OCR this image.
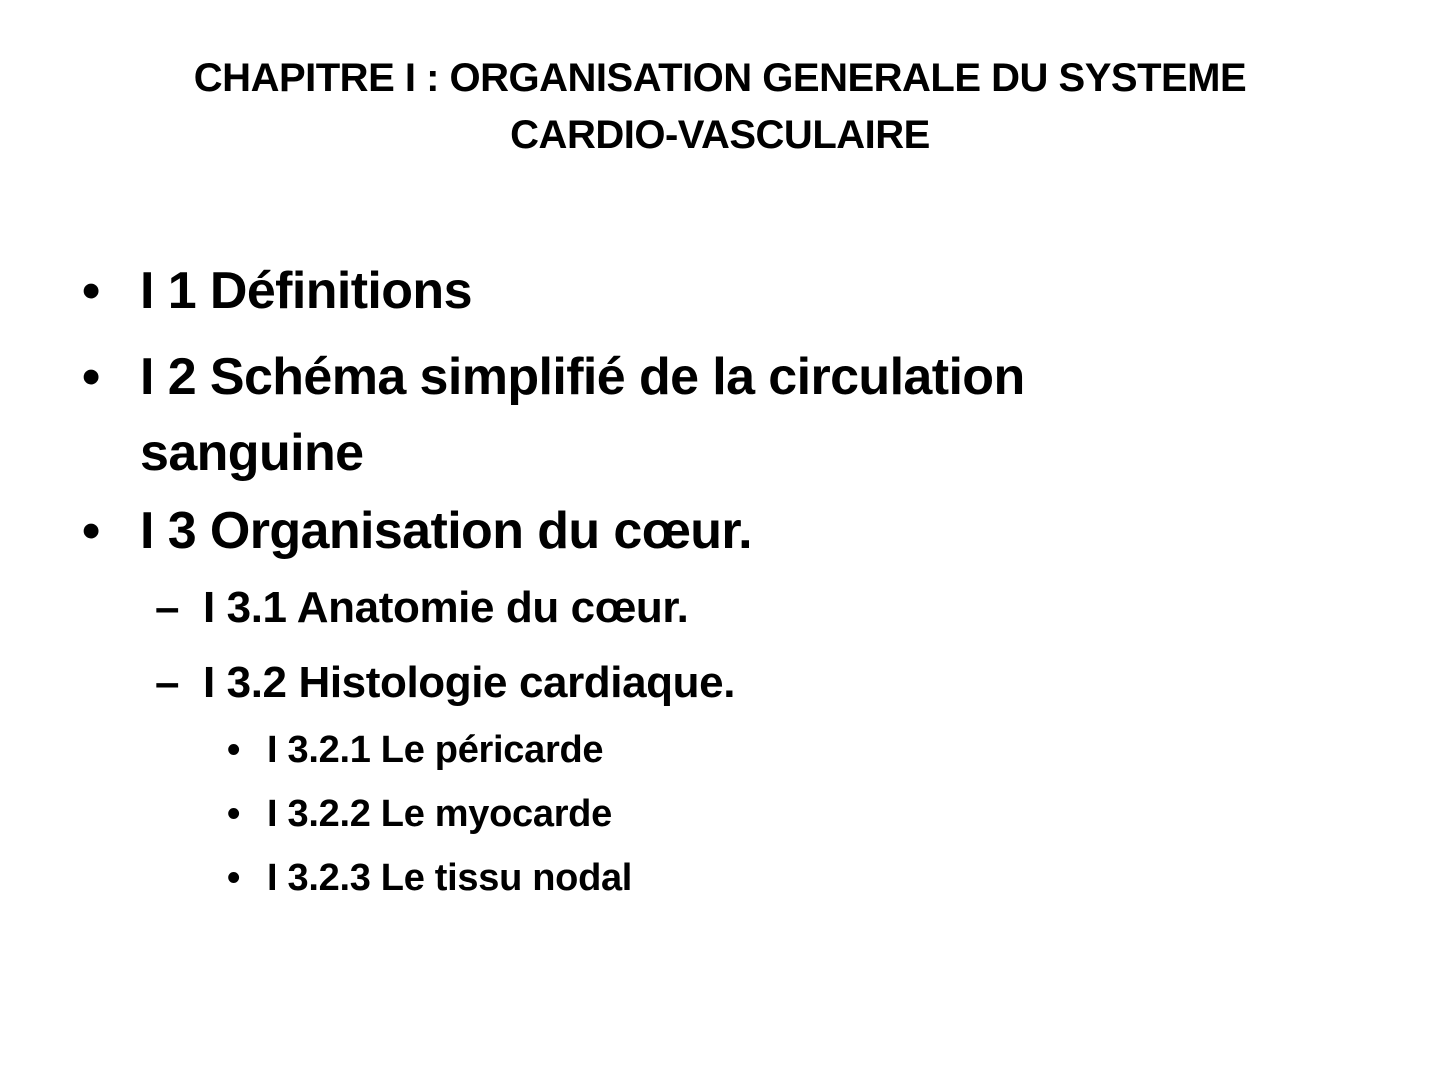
CHAPITRE I : ORGANISATION GENERALE DU SYSTEME
CARDIO-VASCULAIRE
• I 1 Définitions
• I 2 Schéma simplifié de la circulation sanguine
• I 3 Organisation du cœur.
– I 3.1 Anatomie du cœur.
– I 3.2 Histologie cardiaque.
• I 3.2.1 Le péricarde
• I 3.2.2 Le myocarde
• I 3.2.3 Le tissu nodal
